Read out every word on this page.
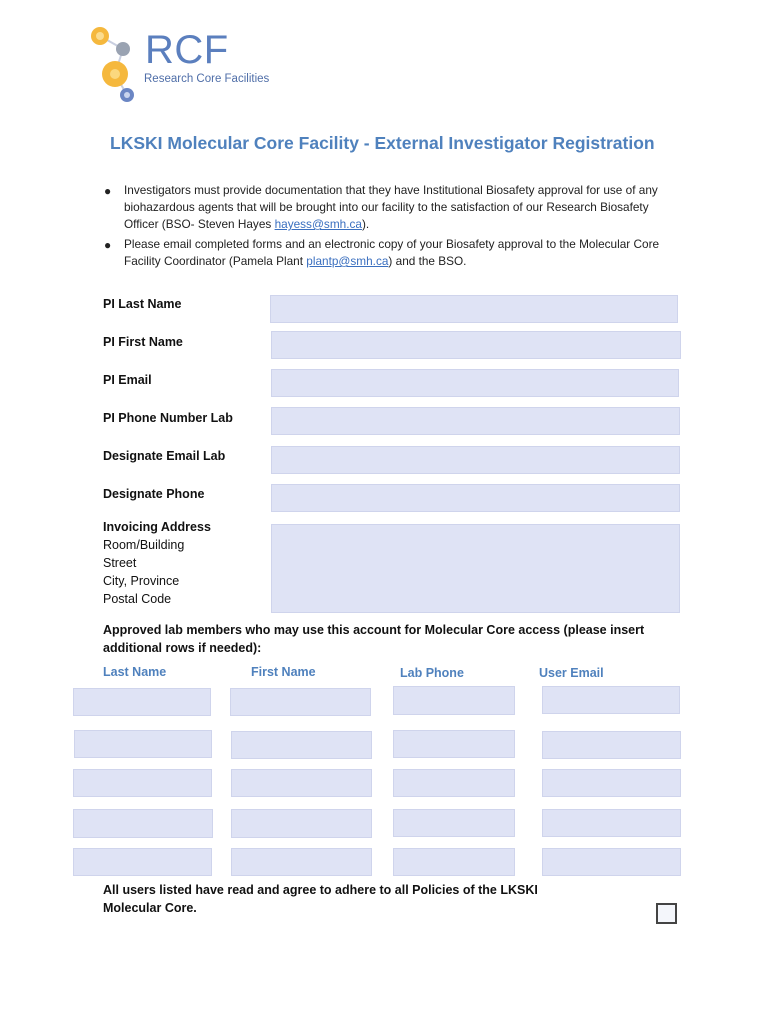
RCF
Research Core Facilities
LKSKI Molecular Core Facility - External Investigator Registration
● Investigators must provide documentation that they have Institutional Biosafety approval for use of any biohazardous agents that will be brought into our facility to the satisfaction of our Research Biosafety Officer (BSO- Steven Hayes hayess@smh.ca).
● Please email completed forms and an electronic copy of your Biosafety approval to the Molecular Core Facility Coordinator (Pamela Plant plantp@smh.ca) and the BSO.
PI Last Name
PI First Name
PI Email
PI Phone Number Lab
Designate Email Lab
Designate Phone
Invoicing Address
Room/Building
Street
City, Province
Postal Code
Approved lab members who may use this account for Molecular Core access (please insert additional rows if needed):
Last Name	First Name	Lab Phone	User Email
All users listed have read and agree to adhere to all Policies of the LKSKI Molecular Core.
